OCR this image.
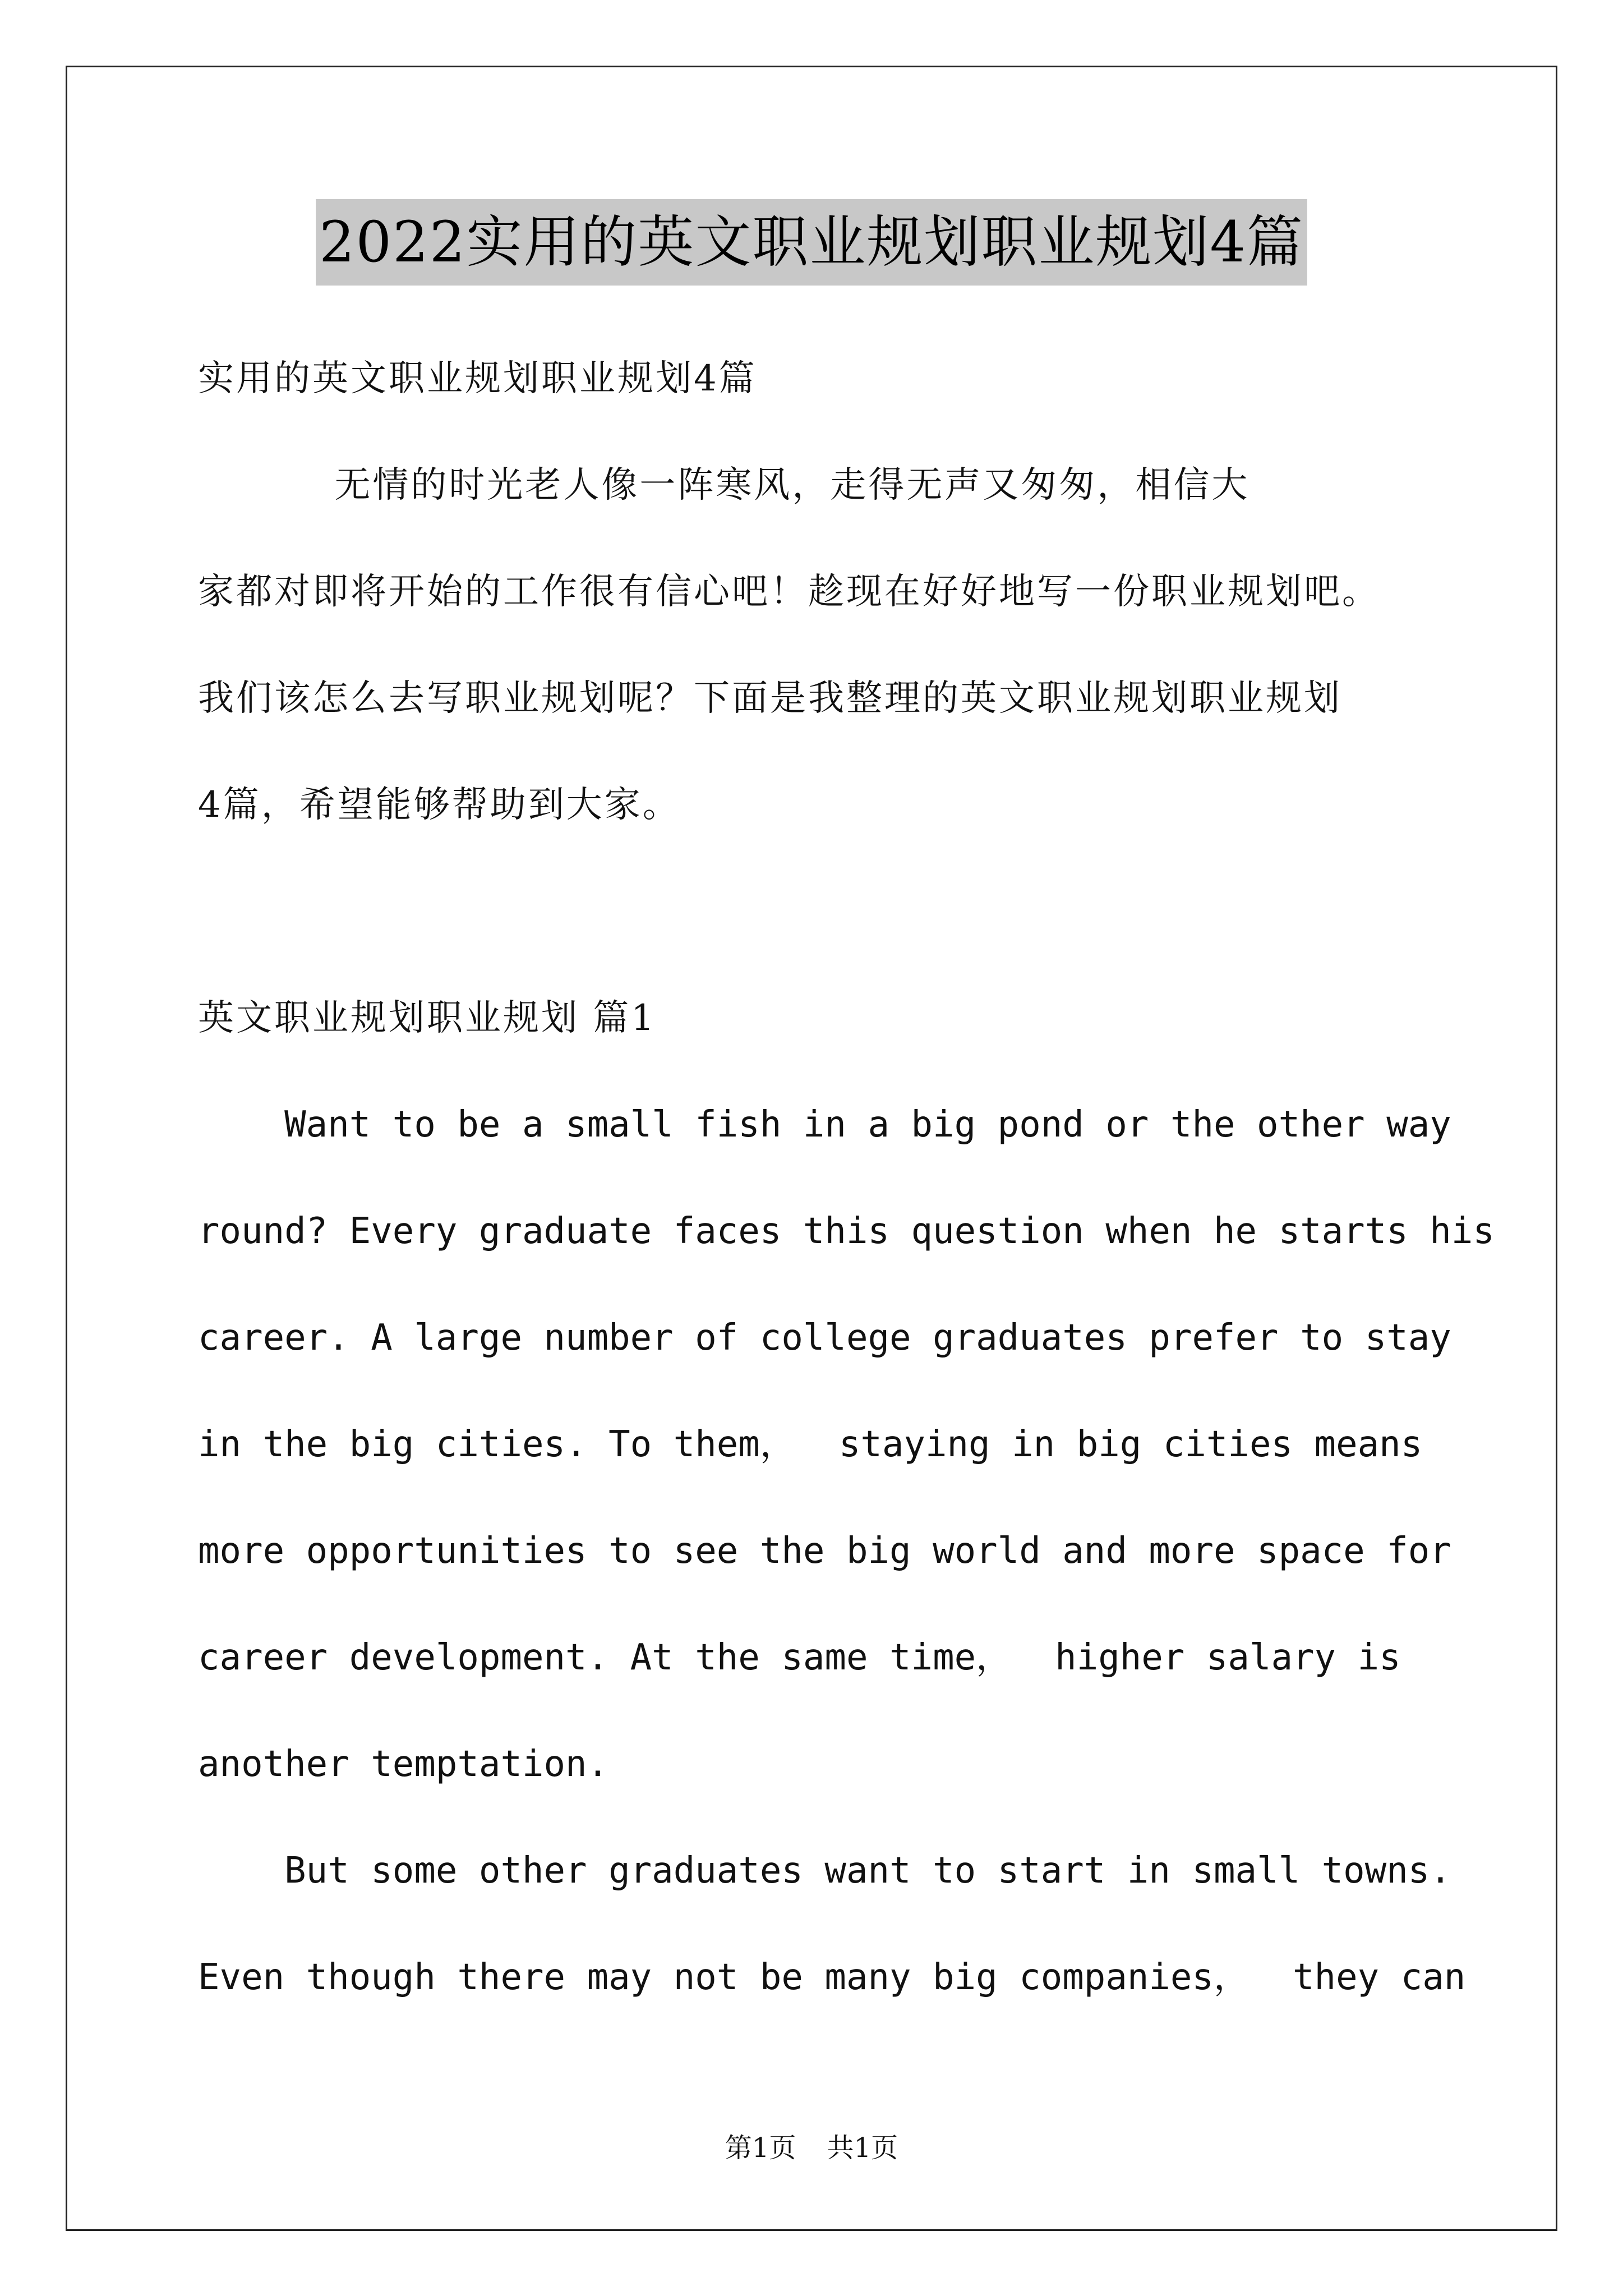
2022实用的英文职业规划职业规划4篇
实用的英文职业规划职业规划4篇
无情的时光老人像一阵寒风，走得无声又匆匆，相信大
家都对即将开始的工作很有信心吧！趁现在好好地写一份职业规划吧。
我们该怎么去写职业规划呢？下面是我整理的英文职业规划职业规划
4篇，希望能够帮助到大家。
英文职业规划职业规划 篇1
Want to be a small fish in a big pond or the other way
round? Every graduate faces this question when he starts his
career. A large number of college graduates prefer to stay
in the big cities. To them，  staying in big cities means
more opportunities to see the big world and more space for
career development. At the same time，  higher salary is
another temptation.
But some other graduates want to start in small towns.
Even though there may not be many big companies，  they can
第1页 共1页
